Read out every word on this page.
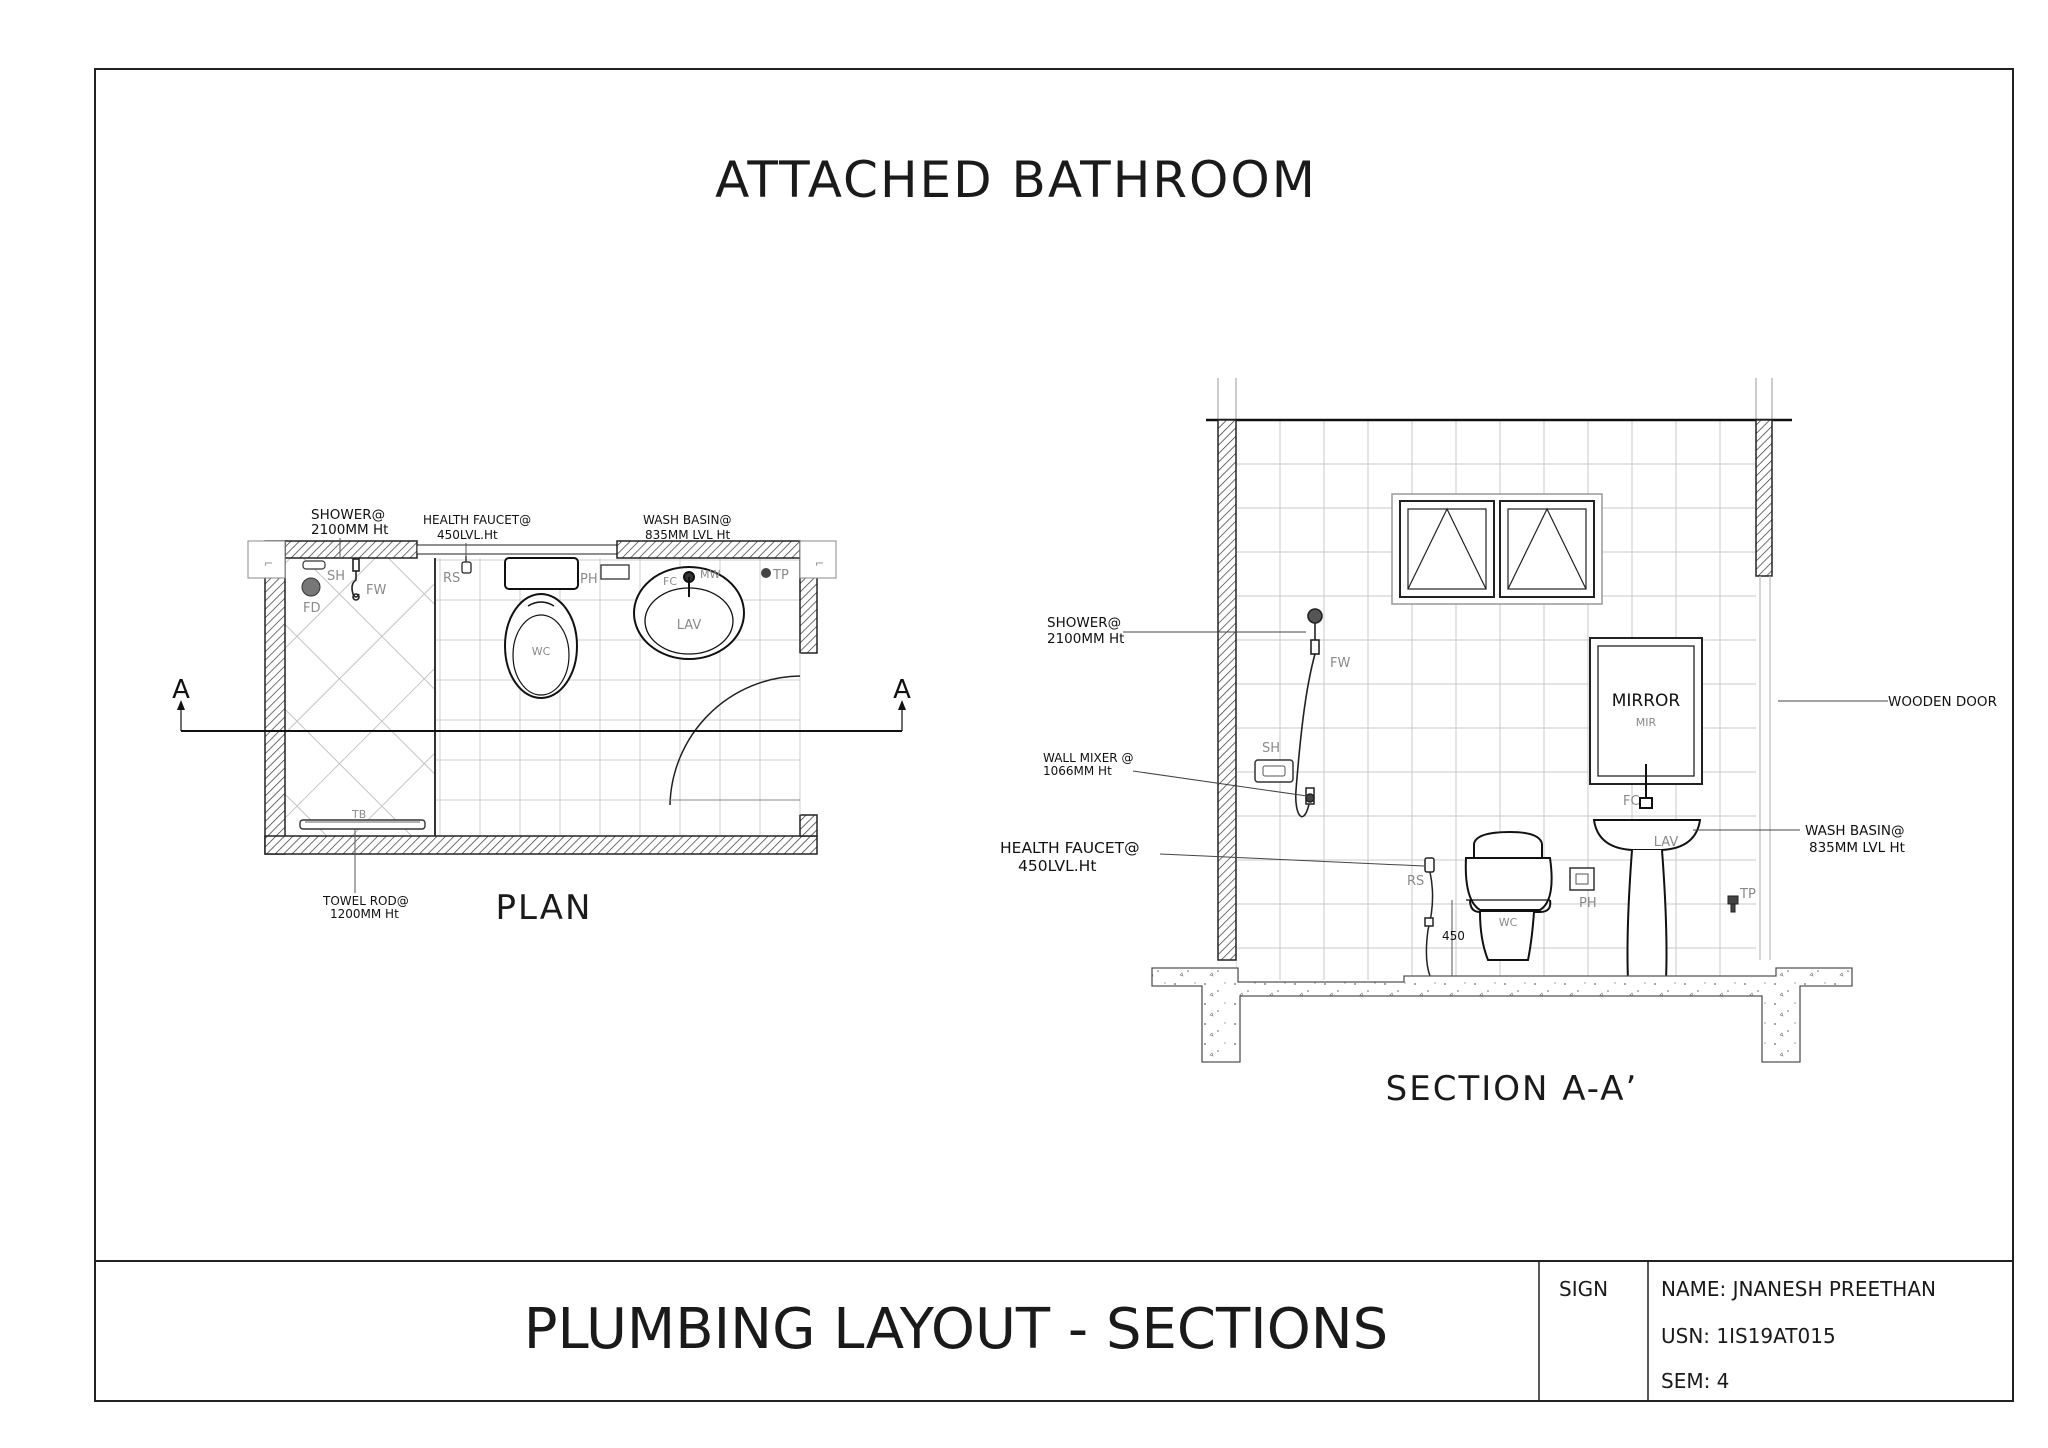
ATTACHED BATHROOM
⌐	⌐
A	A
FD
SH
FW
TB
RS
WC
PH
LAV
FC
MW	TP
SHOWER@
2100MM Ht
HEALTH FAUCET@
450LVL.Ht
WASH BASIN@
835MM LVL Ht
TOWEL ROD@
1200MM Ht	PLAN
FW
SH
RS
WC
450
PH
MIRROR
MIR
FC
LAV
TP
SHOWER@
2100MM Ht
WALL MIXER @
1066MM Ht
HEALTH FAUCET@
450LVL.Ht
WOODEN DOOR
WASH BASIN@
835MM LVL Ht
SECTION A-A’
PLUMBING LAYOUT - SECTIONS
SIGN	NAME: JNANESH PREETHAN
USN: 1IS19AT015
SEM: 4
